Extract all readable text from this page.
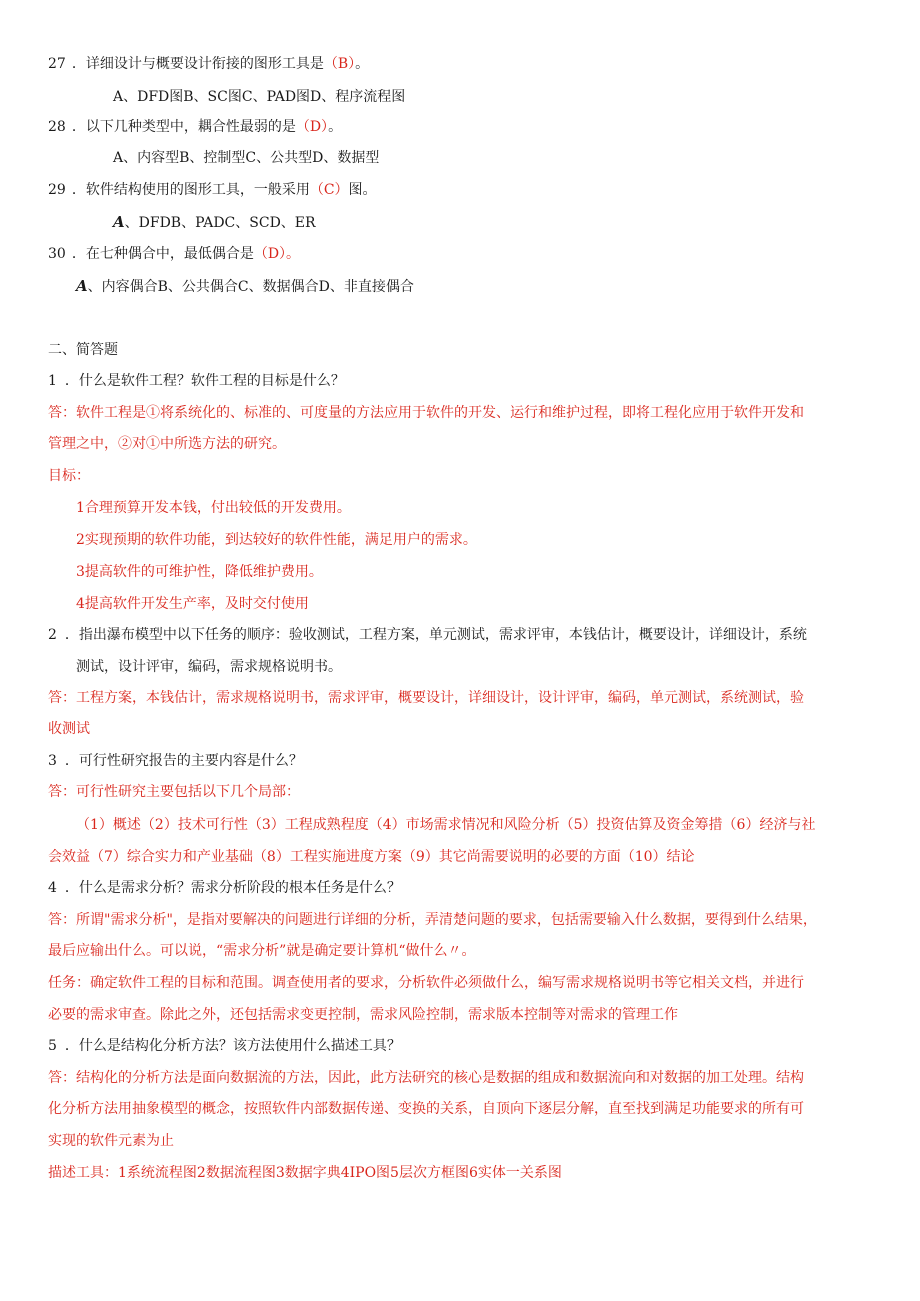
27 ．详细设计与概要设计衔接的图形工具是（B）。
A、DFD图B、SC图C、PAD图D、程序流程图
28 ．以下几种类型中，耦合性最弱的是（D）。
A、内容型B、控制型C、公共型D、数据型
29 ．软件结构使用的图形工具，一般采用（C）图。
A、DFDB、PADC、SCD、ER
30 ．在七种偶合中，最低偶合是（D）。
A、内容偶合B、公共偶合C、数据偶合D、非直接偶合
二、简答题
1 ．什么是软件工程？软件工程的目标是什么？
答：软件工程是①将系统化的、标准的、可度量的方法应用于软件的开发、运行和维护过程，即将工程化应用于软件开发和
管理之中，②对①中所选方法的研究。
目标：
1合理预算开发本钱，付出较低的开发费用。
2实现预期的软件功能，到达较好的软件性能，满足用户的需求。
3提高软件的可维护性，降低维护费用。
4提高软件开发生产率，及时交付使用
2 ．指出瀑布模型中以下任务的顺序：验收测试，工程方案，单元测试，需求评审，本钱估计，概要设计，详细设计，系统
测试，设计评审，编码，需求规格说明书。
答：工程方案，本钱估计，需求规格说明书，需求评审，概要设计，详细设计，设计评审，编码，单元测试，系统测试，验
收测试
3 ．可行性研究报告的主要内容是什么？
答：可行性研究主要包括以下几个局部：
（1）概述（2）技术可行性（3）工程成熟程度（4）市场需求情况和风险分析（5）投资估算及资金筹措（6）经济与社
会效益（7）综合实力和产业基础（8）工程实施进度方案（9）其它尚需要说明的必要的方面（10）结论
4 ．什么是需求分析？需求分析阶段的根本任务是什么？
答：所谓"需求分析"，是指对要解决的问题进行详细的分析，弄清楚问题的要求，包括需要输入什么数据，要得到什么结果，
最后应输出什么。可以说，“需求分析”就是确定要计算机“做什么〃。
任务：确定软件工程的目标和范围。调查使用者的要求，分析软件必须做什么，编写需求规格说明书等它相关文档，并进行
必要的需求审查。除此之外，还包括需求变更控制，需求风险控制，需求版本控制等对需求的管理工作
5 ．什么是结构化分析方法？该方法使用什么描述工具？
答：结构化的分析方法是面向数据流的方法，因此，此方法研究的核心是数据的组成和数据流向和对数据的加工处理。结构
化分析方法用抽象模型的概念，按照软件内部数据传递、变换的关系，自顶向下逐层分解，直至找到满足功能要求的所有可
实现的软件元素为止
描述工具：1系统流程图2数据流程图3数据字典4IPO图5层次方框图6实体一关系图
